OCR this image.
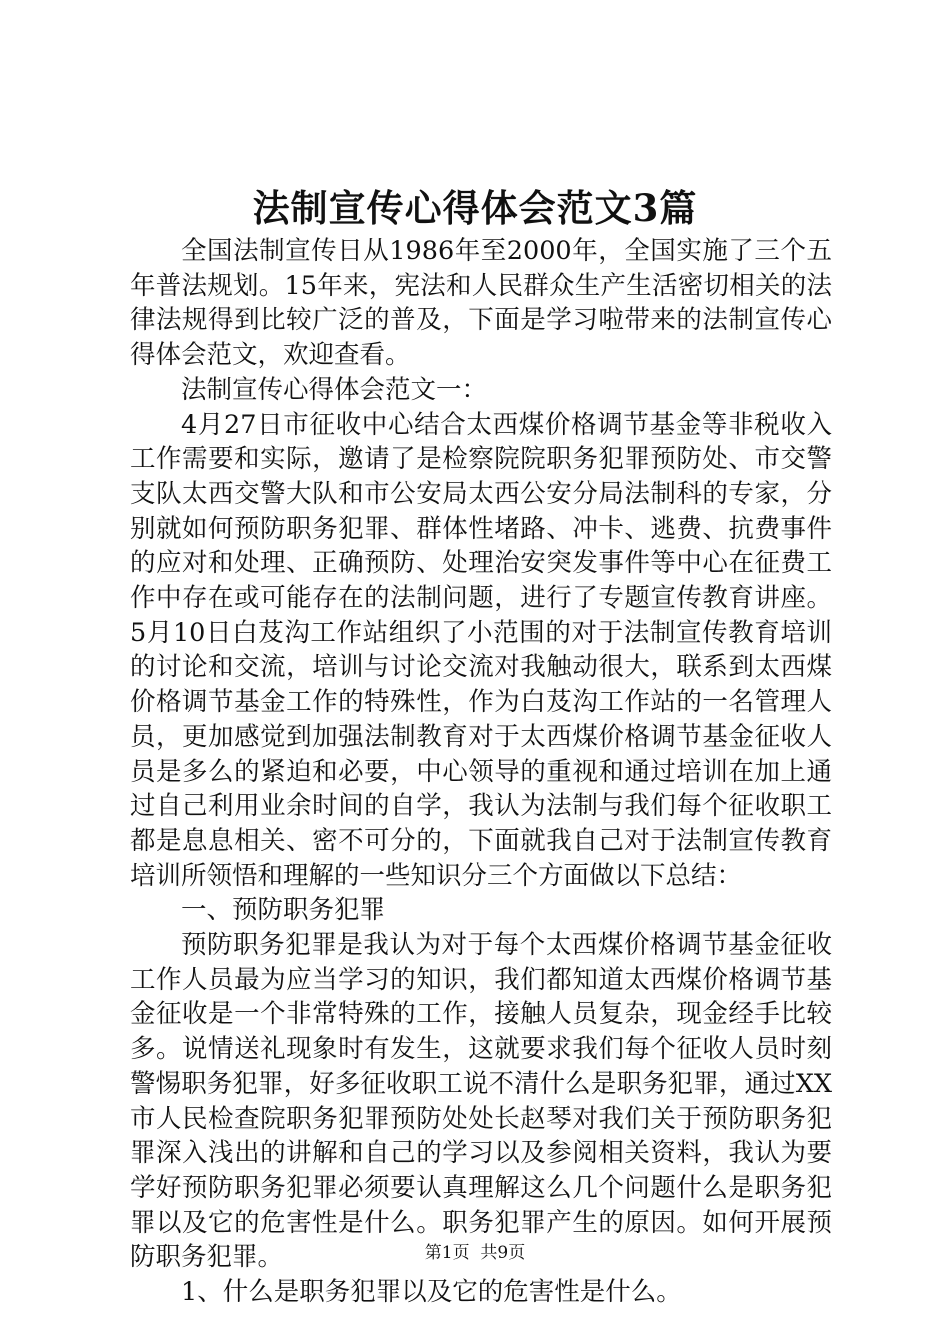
法制宣传心得体会范文3篇

全国法制宣传日从1986年至2000年，全国实施了三个五年普法规划。15年来，宪法和人民群众生产生活密切相关的法律法规得到比较广泛的普及，下面是学习啦带来的法制宣传心得体会范文，欢迎查看。

法制宣传心得体会范文一：

4月27日市征收中心结合太西煤价格调节基金等非税收入工作需要和实际，邀请了是检察院院职务犯罪预防处、市交警支队太西交警大队和市公安局太西公安分局法制科的专家，分别就如何预防职务犯罪、群体性堵路、冲卡、逃费、抗费事件的应对和处理、正确预防、处理治安突发事件等中心在征费工作中存在或可能存在的法制问题，进行了专题宣传教育讲座。5月10日白芨沟工作站组织了小范围的对于法制宣传教育培训的讨论和交流，培训与讨论交流对我触动很大，联系到太西煤价格调节基金工作的特殊性，作为白芨沟工作站的一名管理人员，更加感觉到加强法制教育对于太西煤价格调节基金征收人员是多么的紧迫和必要，中心领导的重视和通过培训在加上通过自己利用业余时间的自学，我认为法制与我们每个征收职工都是息息相关、密不可分的，下面就我自己对于法制宣传教育培训所领悟和理解的一些知识分三个方面做以下总结：

一、预防职务犯罪

预防职务犯罪是我认为对于每个太西煤价格调节基金征收工作人员最为应当学习的知识，我们都知道太西煤价格调节基金征收是一个非常特殊的工作，接触人员复杂，现金经手比较多。说情送礼现象时有发生，这就要求我们每个征收人员时刻警惕职务犯罪，好多征收职工说不清什么是职务犯罪，通过XX市人民检查院职务犯罪预防处处长赵琴对我们关于预防职务犯罪深入浅出的讲解和自己的学习以及参阅相关资料，我认为要学好预防职务犯罪必须要认真理解这么几个问题什么是职务犯罪以及它的危害性是什么。职务犯罪产生的原因。如何开展预防职务犯罪。

1、什么是职务犯罪以及它的危害性是什么。

第1页 共9页
